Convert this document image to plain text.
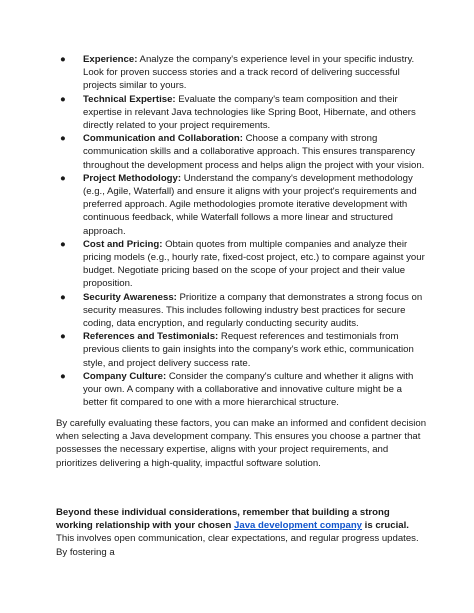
● Experience: Analyze the company's experience level in your specific industry. Look for proven success stories and a track record of delivering successful projects similar to yours.
● Technical Expertise: Evaluate the company's team composition and their expertise in relevant Java technologies like Spring Boot, Hibernate, and others directly related to your project requirements.
● Communication and Collaboration: Choose a company with strong communication skills and a collaborative approach. This ensures transparency throughout the development process and helps align the project with your vision.
● Project Methodology: Understand the company's development methodology (e.g., Agile, Waterfall) and ensure it aligns with your project's requirements and preferred approach. Agile methodologies promote iterative development with continuous feedback, while Waterfall follows a more linear and structured approach.
● Cost and Pricing: Obtain quotes from multiple companies and analyze their pricing models (e.g., hourly rate, fixed-cost project, etc.) to compare against your budget. Negotiate pricing based on the scope of your project and their value proposition.
● Security Awareness: Prioritize a company that demonstrates a strong focus on security measures. This includes following industry best practices for secure coding, data encryption, and regularly conducting security audits.
● References and Testimonials: Request references and testimonials from previous clients to gain insights into the company's work ethic, communication style, and project delivery success rate.
● Company Culture: Consider the company's culture and whether it aligns with your own. A company with a collaborative and innovative culture might be a better fit compared to one with a more hierarchical structure.

By carefully evaluating these factors, you can make an informed and confident decision when selecting a Java development company. This ensures you choose a partner that possesses the necessary expertise, aligns with your project requirements, and prioritizes delivering a high-quality, impactful software solution.

Beyond these individual considerations, remember that building a strong working relationship with your chosen Java development company is crucial. This involves open communication, clear expectations, and regular progress updates. By fostering a
